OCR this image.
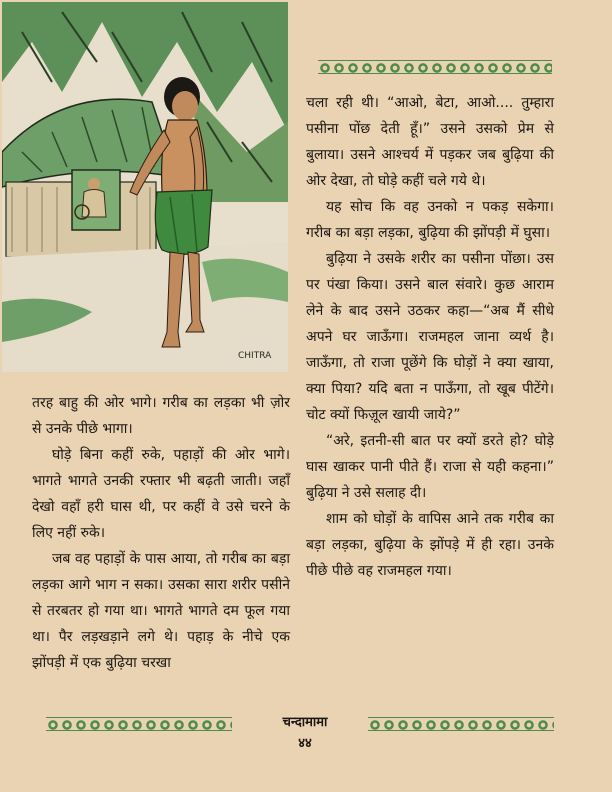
CHITRA

चला रही थी। “आओ, बेटा, आओ.... तुम्हारा पसीना पोंछ देती हूँ।” उसने उसको प्रेम से बुलाया। उसने आश्चर्य में पड़कर जब बुढ़िया की ओर देखा, तो घोड़े कहीं चले गये थे।

यह सोच कि वह उनको न पकड़ सकेगा। गरीब का बड़ा लड़का, बुढ़िया की झोंपड़ी में घुसा।

बुढ़िया ने उसके शरीर का पसीना पोंछा। उस पर पंखा किया। उसने बाल संवारे। कुछ आराम लेने के बाद उसने उठकर कहा—“अब मैं सीधे अपने घर जाऊँगा। राजमहल जाना व्यर्थ है। जाऊँगा, तो राजा पूछेंगे कि घोड़ों ने क्या खाया, क्या पिया? यदि बता न पाऊँगा, तो खूब पीटेंगे। चोट क्यों फिज़ूल खायी जाये?”

“अरे, इतनी-सी बात पर क्यों डरते हो? घोड़े घास खाकर पानी पीते हैं। राजा से यही कहना।” बुढ़िया ने उसे सलाह दी।

शाम को घोड़ों के वापिस आने तक गरीब का बड़ा लड़का, बुढ़िया के झोंपड़े में ही रहा। उनके पीछे पीछे वह राजमहल गया।

तरह बाहु की ओर भागे। गरीब का लड़का भी ज़ोर से उनके पीछे भागा।

घोड़े बिना कहीं रुके, पहाड़ों की ओर भागे। भागते भागते उनकी रफ्तार भी बढ़ती जाती। जहाँ देखो वहाँ हरी घास थी, पर कहीं वे उसे चरने के लिए नहीं रुके।

जब वह पहाड़ों के पास आया, तो गरीब का बड़ा लड़का आगे भाग न सका। उसका सारा शरीर पसीने से तरबतर हो गया था। भागते भागते दम फूल गया था। पैर लड़खड़ाने लगे थे। पहाड़ के नीचे एक झोंपड़ी में एक बुढ़िया चरखा

चन्दामामा
४४
